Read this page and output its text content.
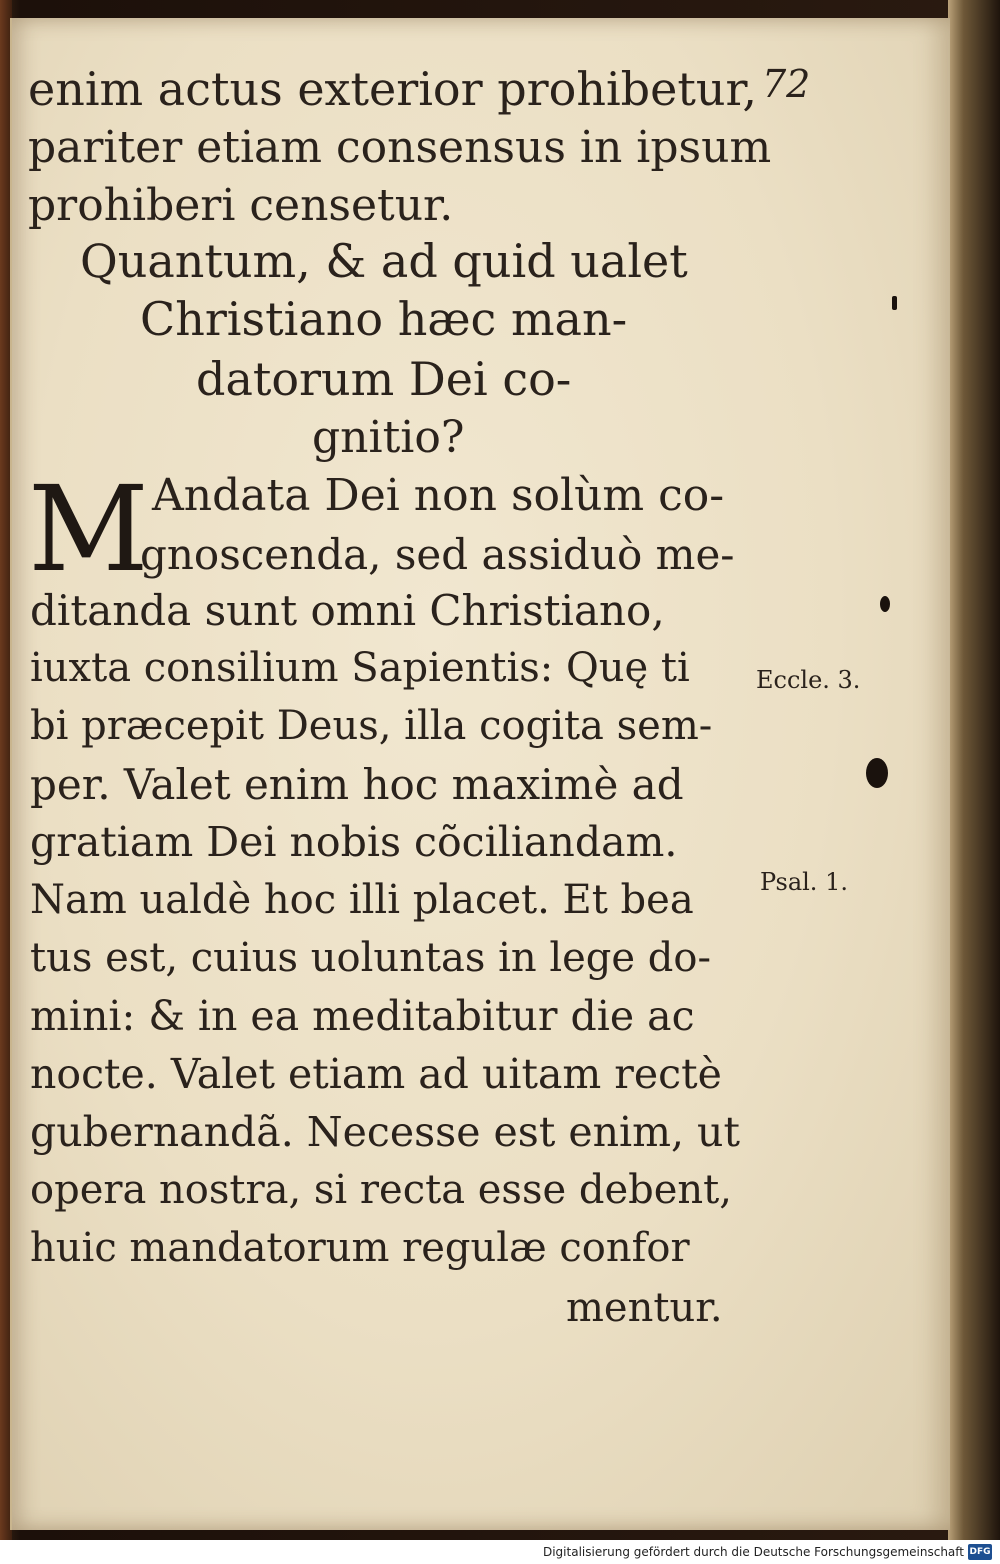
72
enim actus exterior prohibetur,
pariter etiam consensus in ipsum
prohiberi censetur.
Quantum, & ad quid ualet
Christiano hæc man-
datorum Dei co-
gnitio?
M Andata Dei non solùm co-
gnoscenda, sed assiduò me-
ditanda sunt omni Christiano,
iuxta consilium Sapientis: Quę ti
bi præcepit Deus, illa cogita sem-
per. Valet enim hoc maximè ad
gratiam Dei nobis cõciliandam.
Nam ualdè hoc illi placet. Et bea
tus est, cuius uoluntas in lege do-
mini: & in ea meditabitur die ac
nocte. Valet etiam ad uitam rectè
gubernandã. Necesse est enim, ut
opera nostra, si recta esse debent,
huic mandatorum regulæ confor
mentur.
Eccle. 3.
Psal. 1.
Digitalisierung gefördert durch die Deutsche Forschungsgemeinschaft DFG
